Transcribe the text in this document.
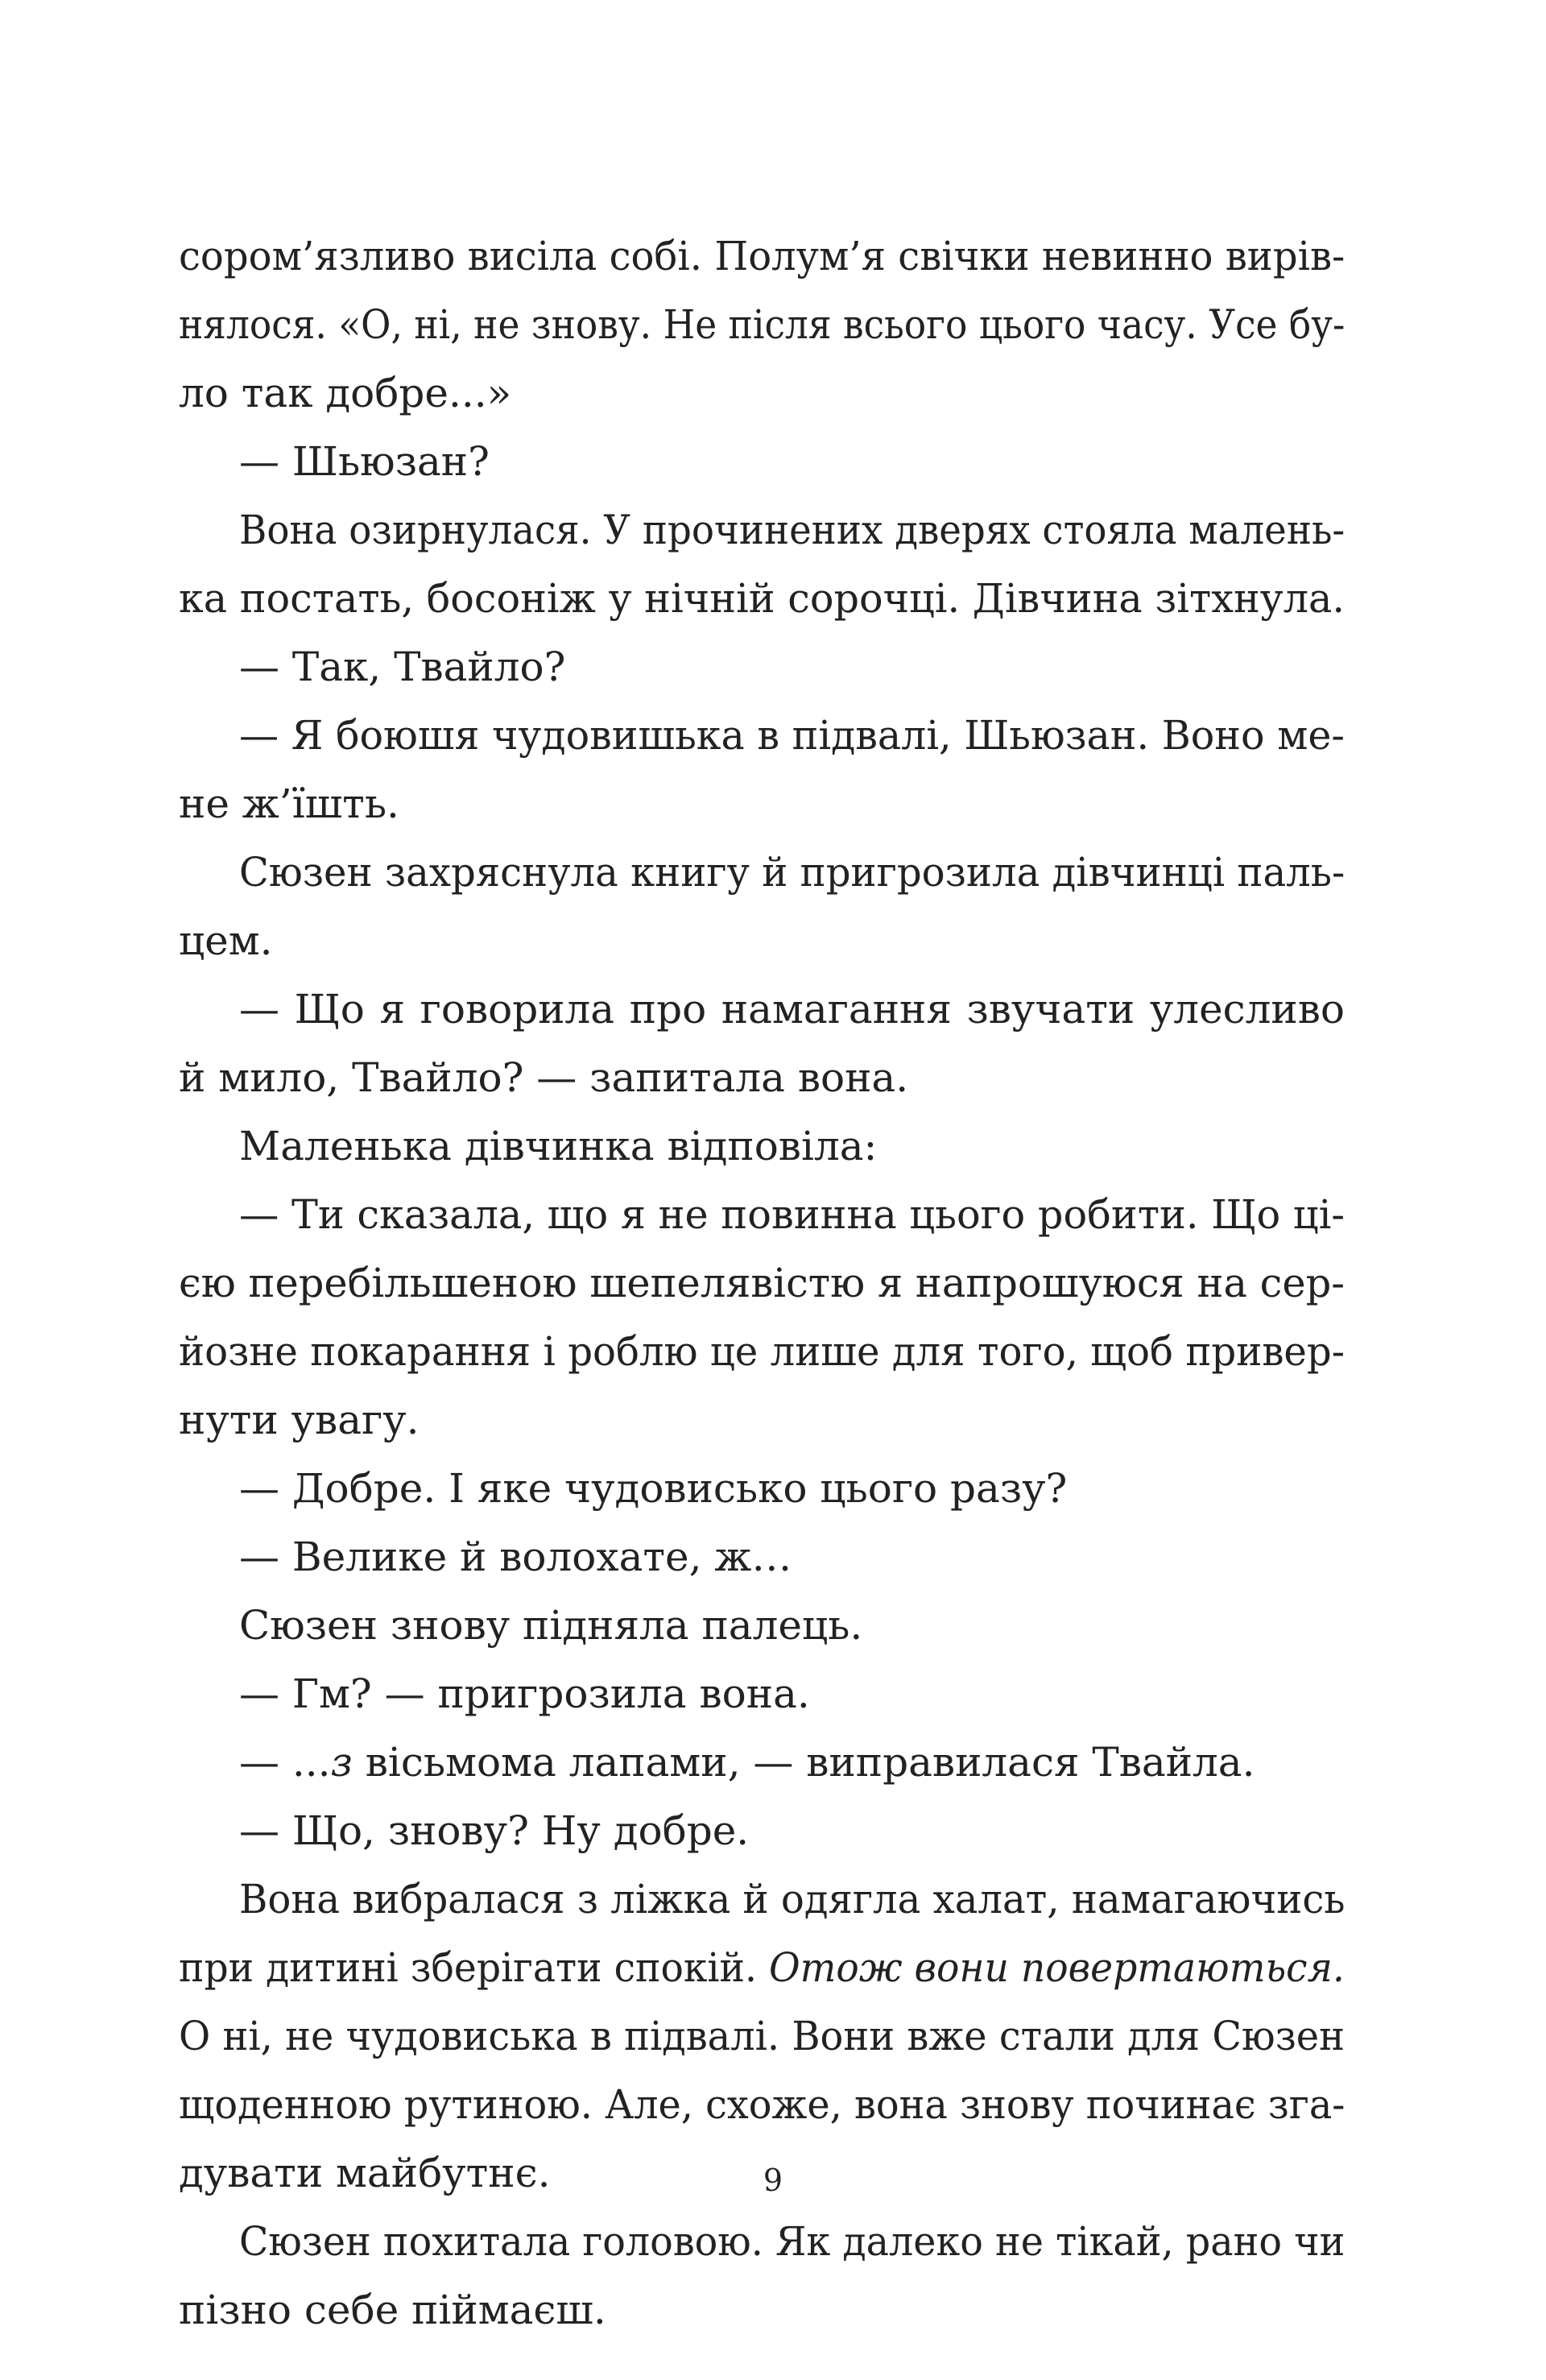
сором’язливо висіла собі. Полум’я свічки невинно вирів-
нялося. «О, ні, не знову. Не після всього цього часу. Усе бу-
ло так добре...»
— Шьюзан?
Вона озирнулася. У прочинених дверях стояла малень-
ка постать, босоніж у нічній сорочці. Дівчина зітхнула.
— Так, Твайло?
— Я боюшя чудовишька в підвалі, Шьюзан. Воно ме-
не ж’їшть.
Сюзен захряснула книгу й пригрозила дівчинці паль-
цем.
— Що я говорила про намагання звучати улесливо
й мило, Твайло? — запитала вона.
Маленька дівчинка відповіла:
— Ти сказала, що я не повинна цього робити. Що ці-
єю перебільшеною шепелявістю я напрошуюся на сер-
йозне покарання і роблю це лише для того, щоб привер-
нути увагу.
— Добре. І яке чудовисько цього разу?
— Велике й волохате, ж…
Сюзен знову підняла палець.
— Гм? — пригрозила вона.
— ...з вісьмома лапами, — виправилася Твайла.
— Що, знову? Ну добре.
Вона вибралася з ліжка й одягла халат, намагаючись
при дитині зберігати спокій. Отож вони повертаються.
О ні, не чудовиська в підвалі. Вони вже стали для Сюзен
щоденною рутиною. Але, схоже, вона знову починає зга-
дувати майбутнє.
Сюзен похитала головою. Як далеко не тікай, рано чи
пізно себе піймаєш.
9
